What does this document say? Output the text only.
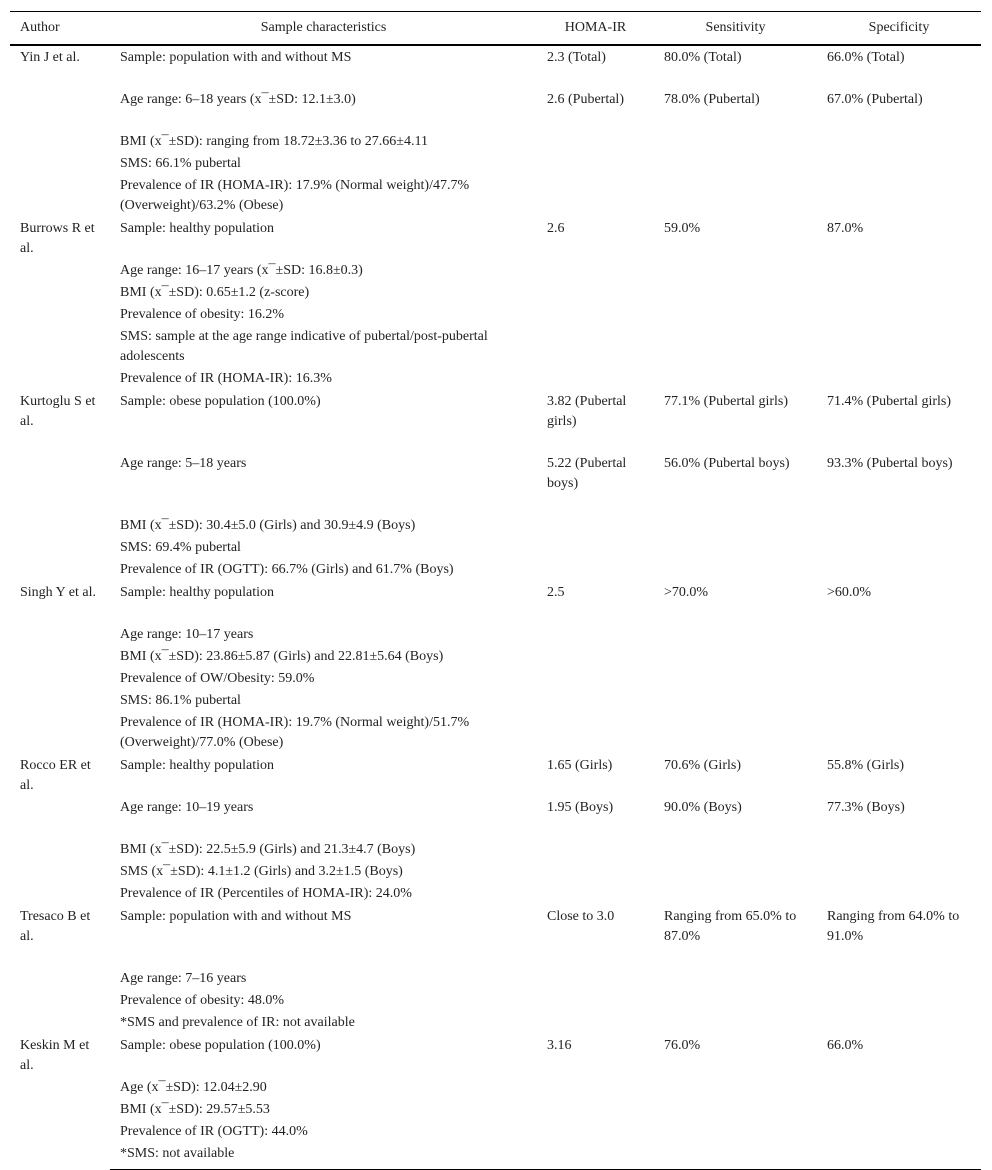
Author	Sample characteristics	HOMA-IR	Sensitivity	Specificity
Yin J et al.	Sample: population with and without MS	2.3 (Total)	80.0% (Total)	66.0% (Total)
	Age range: 6–18 years (x¯±SD: 12.1±3.0)	2.6 (Pubertal)	78.0% (Pubertal)	67.0% (Pubertal)
	BMI (x¯±SD): ranging from 18.72±3.36 to 27.66±4.11			
	SMS: 66.1% pubertal			
	Prevalence of IR (HOMA-IR): 17.9% (Normal weight)/47.7% (Overweight)/63.2% (Obese)			
Burrows R et al.	Sample: healthy population	2.6	59.0%	87.0%
	Age range: 16–17 years (x¯±SD: 16.8±0.3)			
	BMI (x¯±SD): 0.65±1.2 (z-score)			
	Prevalence of obesity: 16.2%			
	SMS: sample at the age range indicative of pubertal/post-pubertal adolescents			
	Prevalence of IR (HOMA-IR): 16.3%			
Kurtoglu S et al.	Sample: obese population (100.0%)	3.82 (Pubertal girls)	77.1% (Pubertal girls)	71.4% (Pubertal girls)
	Age range: 5–18 years	5.22 (Pubertal boys)	56.0% (Pubertal boys)	93.3% (Pubertal boys)
	BMI (x¯±SD): 30.4±5.0 (Girls) and 30.9±4.9 (Boys)			
	SMS: 69.4% pubertal			
	Prevalence of IR (OGTT): 66.7% (Girls) and 61.7% (Boys)			
Singh Y et al.	Sample: healthy population	2.5	>70.0%	>60.0%
	Age range: 10–17 years			
	BMI (x¯±SD): 23.86±5.87 (Girls) and 22.81±5.64 (Boys)			
	Prevalence of OW/Obesity: 59.0%			
	SMS: 86.1% pubertal			
	Prevalence of IR (HOMA-IR): 19.7% (Normal weight)/51.7% (Overweight)/77.0% (Obese)			
Rocco ER et al.	Sample: healthy population	1.65 (Girls)	70.6% (Girls)	55.8% (Girls)
	Age range: 10–19 years	1.95 (Boys)	90.0% (Boys)	77.3% (Boys)
	BMI (x¯±SD): 22.5±5.9 (Girls) and 21.3±4.7 (Boys)			
	SMS (x¯±SD): 4.1±1.2 (Girls) and 3.2±1.5 (Boys)			
	Prevalence of IR (Percentiles of HOMA-IR): 24.0%			
Tresaco B et al.	Sample: population with and without MS	Close to 3.0	Ranging from 65.0% to 87.0%	Ranging from 64.0% to 91.0%
	Age range: 7–16 years			
	Prevalence of obesity: 48.0%			
	*SMS and prevalence of IR: not available			
Keskin M et al.	Sample: obese population (100.0%)	3.16	76.0%	66.0%
	Age (x¯±SD): 12.04±2.90			
	BMI (x¯±SD): 29.57±5.53			
	Prevalence of IR (OGTT): 44.0%			
	*SMS: not available			
